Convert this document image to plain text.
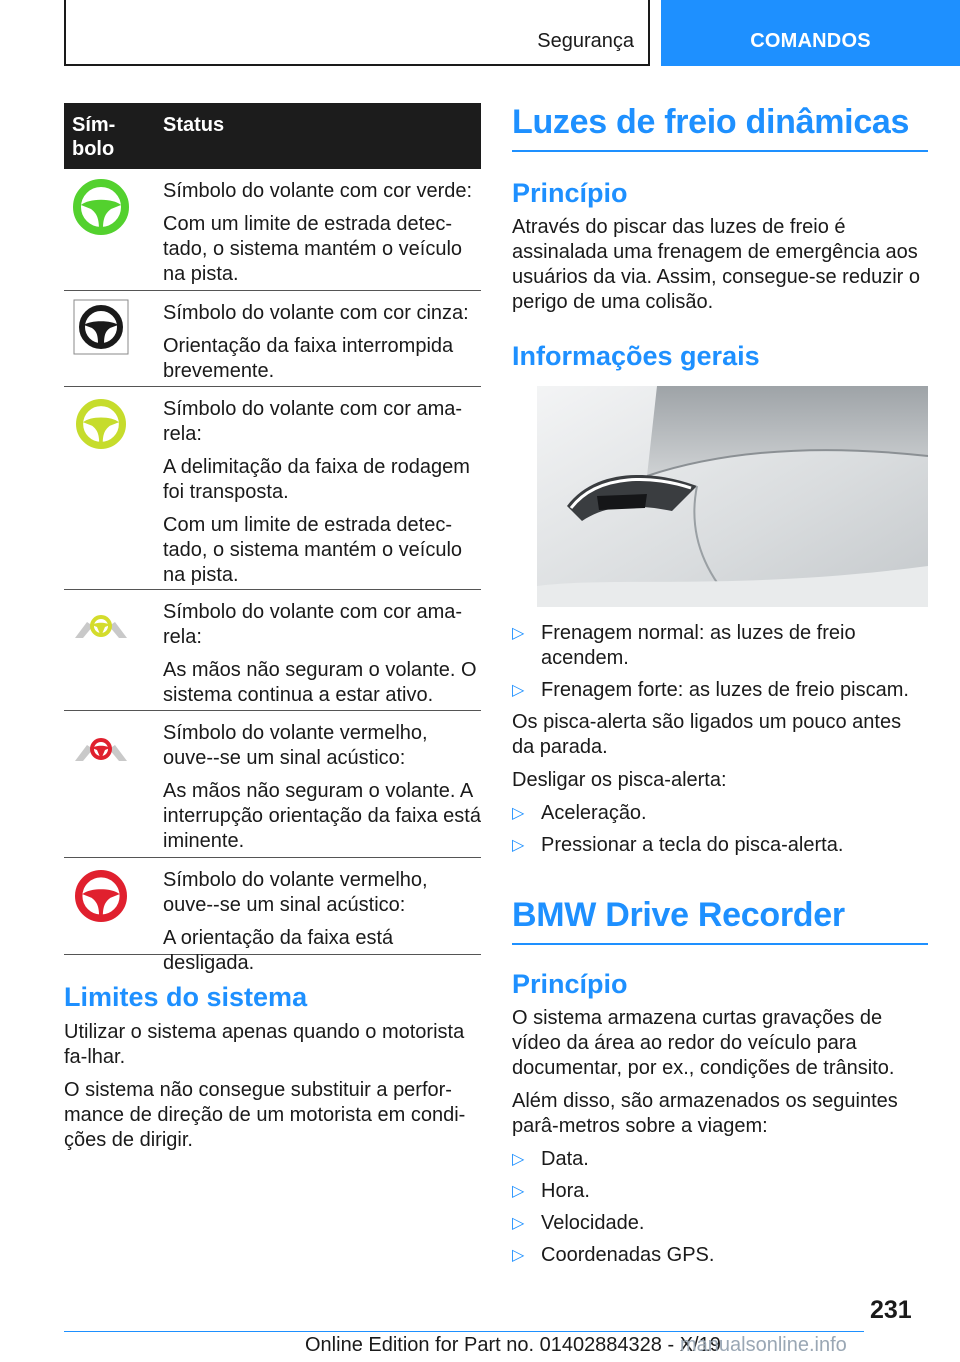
Segurança	COMANDOS
Sím-
bolo
Status

Símbolo do volante com cor verde:

Com um limite de estrada detec-tado, o sistema mantém o veículo na pista.

Símbolo do volante com cor cinza:

Orientação da faixa interrompida brevemente.

Símbolo do volante com cor ama-rela:

A delimitação da faixa de rodagem foi transposta.

Com um limite de estrada detec-tado, o sistema mantém o veículo na pista.

Símbolo do volante com cor ama-rela:

As mãos não seguram o volante. O sistema continua a estar ativo.

Símbolo do volante vermelho, ouve--se um sinal acústico:

As mãos não seguram o volante. A interrupção orientação da faixa está iminente.

Símbolo do volante vermelho, ouve--se um sinal acústico:

A orientação da faixa está desligada.

Limites do sistema

Utilizar o sistema apenas quando o motorista fa-lhar.

O sistema não consegue substituir a perfor-mance de direção de um motorista em condi-ções de dirigir.

Luzes de freio dinâmicas
Princípio
Através do piscar das luzes de freio é assinalada uma frenagem de emergência aos usuários da via. Assim, consegue-se reduzir o perigo de uma colisão.
Informações gerais
▷ Frenagem normal: as luzes de freio acendem.
▷ Frenagem forte: as luzes de freio piscam.
Os pisca-alerta são ligados um pouco antes da parada.
Desligar os pisca-alerta:
▷ Aceleração.
▷ Pressionar a tecla do pisca-alerta.
BMW Drive Recorder
Princípio
O sistema armazena curtas gravações de vídeo da área ao redor do veículo para documentar, por ex., condições de trânsito.
Além disso, são armazenados os seguintes parâ-metros sobre a viagem:
▷ Data.
▷ Hora.
▷ Velocidade.
▷ Coordenadas GPS.
231
Online Edition for Part no. 01402884328 - X/19
manualsonline.info
